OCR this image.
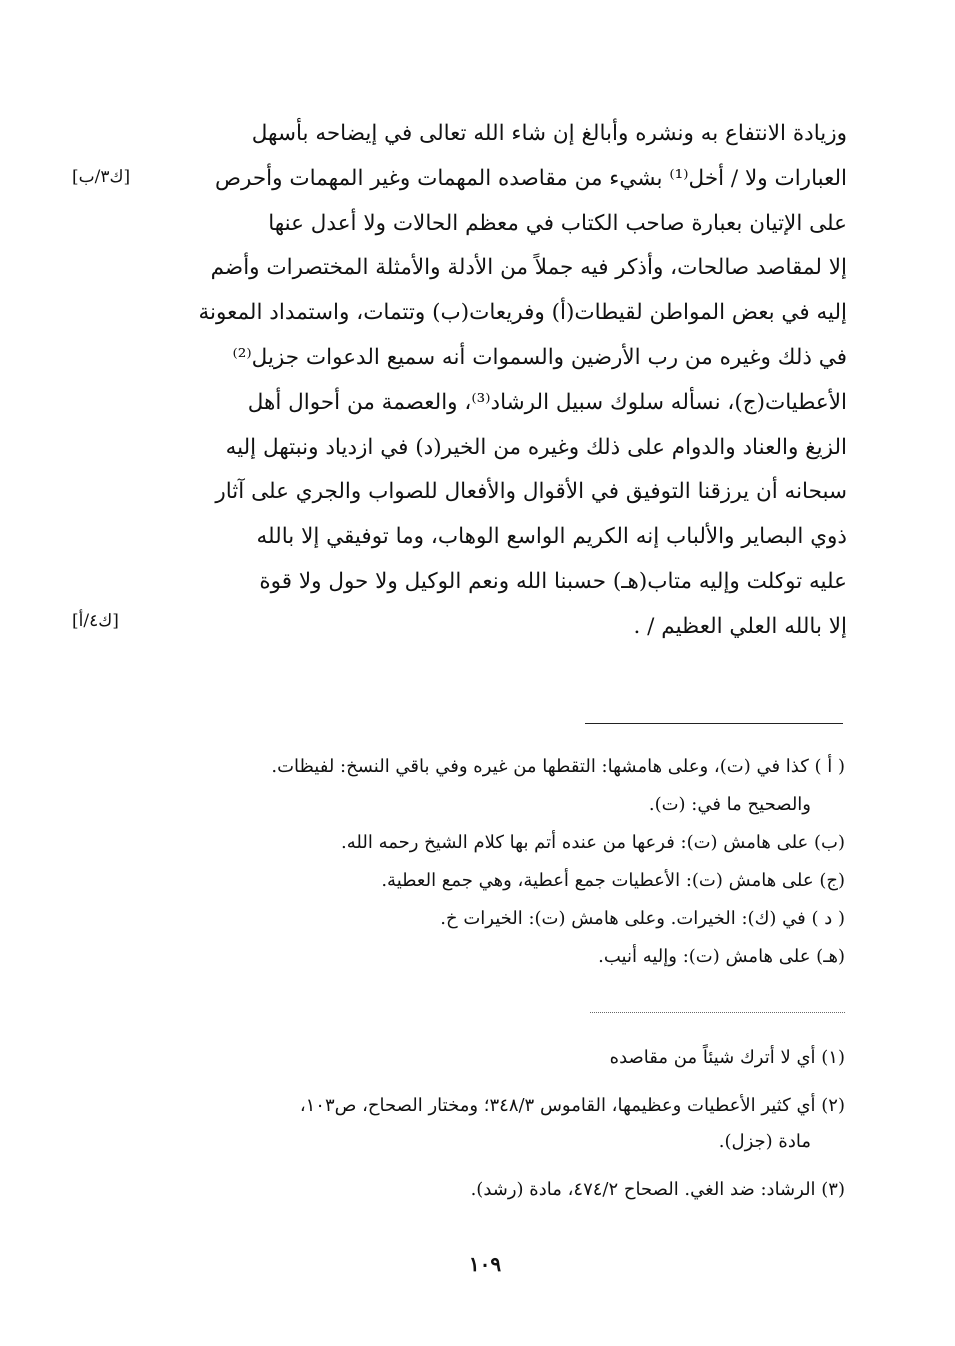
وزيادة الانتفاع به ونشره وأبالغ إن شاء الله تعالى في إيضاحه بأسهل
العبارات ولا / أخل⁽¹⁾ بشيء من مقاصده المهمات وغير المهمات وأحرص
على الإتيان بعبارة صاحب الكتاب في معظم الحالات ولا أعدل عنها
إلا لمقاصد صالحات، وأذكر فيه جملاً من الأدلة والأمثلة المختصرات وأضم
إليه في بعض المواطن لقيطات(أ) وفريعات(ب) وتتمات، واستمداد المعونة
في ذلك وغيره من رب الأرضين والسموات أنه سميع الدعوات جزيل⁽²⁾
الأعطيات(ج)، نسأله سلوك سبيل الرشاد⁽³⁾، والعصمة من أحوال أهل
الزيغ والعناد والدوام على ذلك وغيره من الخير(د) في ازدياد ونبتهل إليه
سبحانه أن يرزقنا التوفيق في الأقوال والأفعال للصواب والجري على آثار
ذوي البصاير والألباب إنه الكريم الواسع الوهاب، وما توفيقي إلا بالله
عليه توكلت وإليه متاب(هـ) حسبنا الله ونعم الوكيل ولا حول ولا قوة
إلا بالله العلي العظيم / .
[ك٣/ب]
[ك٤/أ]
( أ ) كذا في (ت)، وعلى هامشها: التقطها من غيره وفي باقي النسخ: لفيظات.
والصحيح ما في: (ت).
(ب) على هامش (ت): فرعها من عنده أتم بها كلام الشيخ رحمه الله.
(ج) على هامش (ت): الأعطيات جمع أعطية، وهي جمع العطية.
( د ) في (ك): الخيرات. وعلى هامش (ت): الخيرات خ.
(هـ) على هامش (ت): وإليه أنيب.
(١) أي لا أترك شيئاً من مقاصده
(٢) أي كثير الأعطيات وعظيمها، القاموس ٣٤٨/٣؛ ومختار الصحاح، ص١٠٣،
مادة (جزل).
(٣) الرشاد: ضد الغي. الصحاح ٤٧٤/٢، مادة (رشد).
١٠٩
